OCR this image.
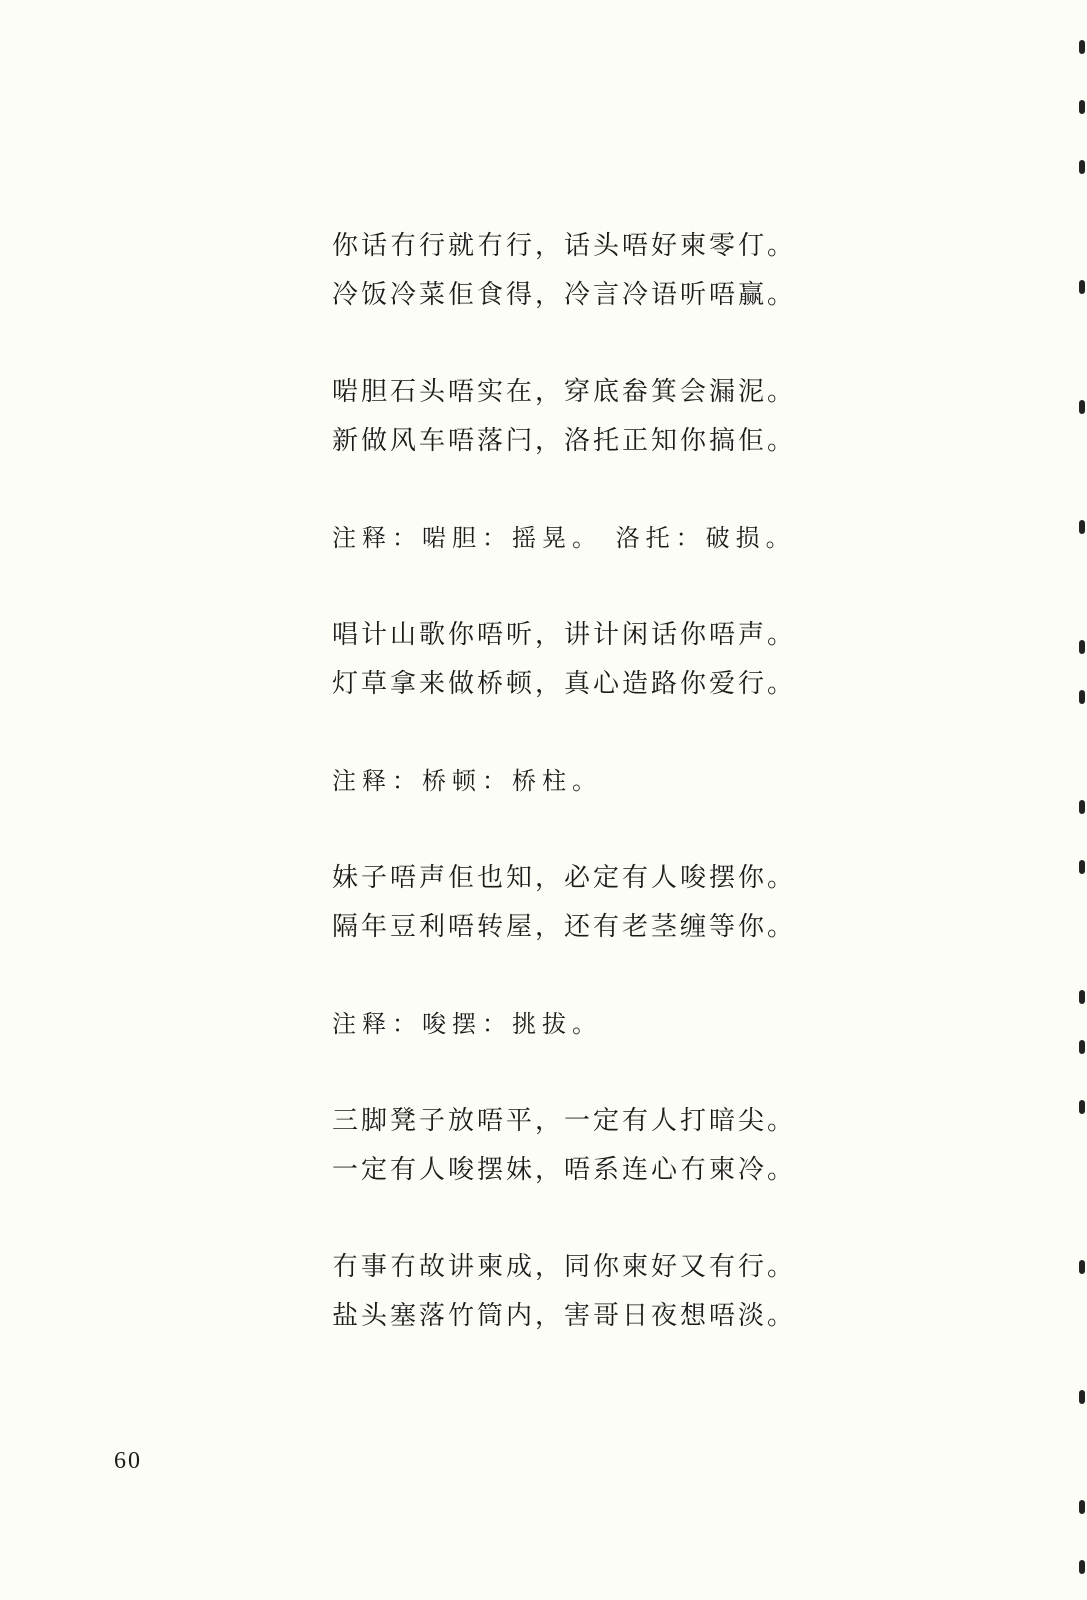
你话冇行就冇行，话头唔好柬零仃。
冷饭冷菜佢食得，冷言冷语听唔赢。
啱胆石头唔实在，穿底畚箕会漏泥。
新做风车唔落闩，洛托正知你搞佢。
注释：啱胆：摇晃。 洛托：破损。
唱计山歌你唔听，讲计闲话你唔声。
灯草拿来做桥顿，真心造路你爱行。
注释：桥顿：桥柱。
妹子唔声佢也知，必定有人唆摆你。
隔年豆利唔转屋，还有老茎缠等你。
注释：唆摆：挑拔。
三脚凳子放唔平，一定有人打暗尖。
一定有人唆摆妹，唔系连心冇柬冷。
冇事冇故讲柬成，同你柬好又有行。
盐头塞落竹筒内，害哥日夜想唔淡。
60
